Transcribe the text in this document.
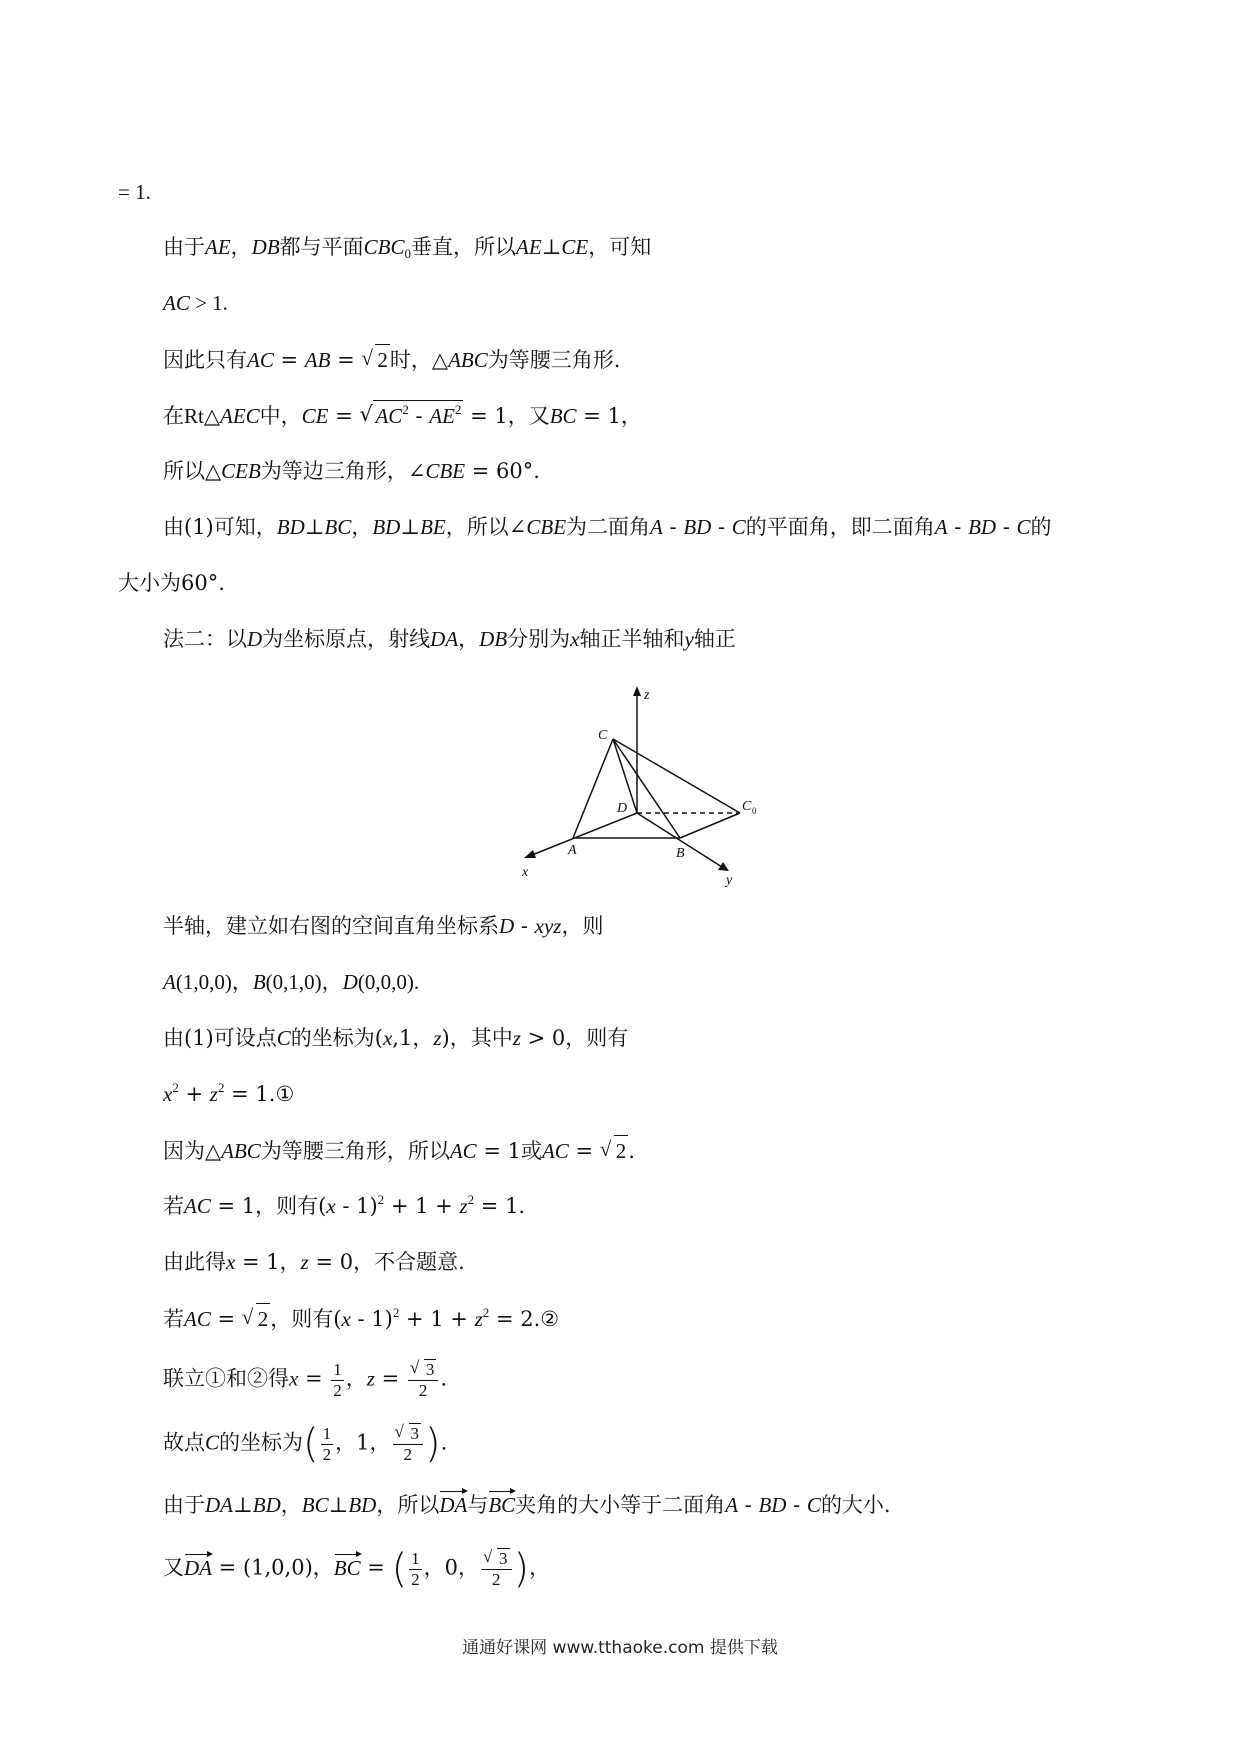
= 1.
由于AE，DB都与平面$CBC_0$垂直，所以AE⊥CE，可知
AC > 1.
因此只有AC = AB = √ 2时，△ABC为等腰三角形.
在Rt△AEC中，CE = √ $AC^2 - AE^2 = 1$，又BC = 1，
所以△CEB为等边三角形，∠CBE = 60°.
由(1)可知，BD⊥BC，BD⊥BE，所以∠CBE为二面角A - BD - C的平面角，即二面角A - BD - C的
大小为60°.
法二：以D为坐标原点，射线DA，DB分别为x轴正半轴和y轴正
z
C
D	C 0
A	B
x
y
半轴，建立如右图的空间直角坐标系D - xyz，则
A(1,0,0)，B(0,1,0)，D(0,0,0).
由(1)可设点C的坐标为(x,1，z)，其中z > 0，则有
$x^2 + z^2$ = 1.①
因为△ABC为等腰三角形，所以AC = 1或AC = √ 2.
若AC = 1，则有$(x - 1)^2 + 1 + z^2 = 1$.
由此得x = 1，z = 0，不合题意.
若AC = √ 2，则有$(x - 1)^2 + 1 + z^2$ = 2.②
联立①和②得$x = \frac{1}{2}$ ，z = √ $\frac{3}{2}$ .
故点C的坐标为( $\frac{1}{2}$ ，1， √ $\frac{3}{2}$ ).
由于DA⊥BD，BC⊥BD，所以DA与BC夹角的大小等于二面角A - BD - C的大小.
又DA = (1,0,0)，BC = ( $\frac{1}{2}$ ，0， √ $\frac{3}{2}$ )，
通通好课网 www.tthaoke.com 提供下载
